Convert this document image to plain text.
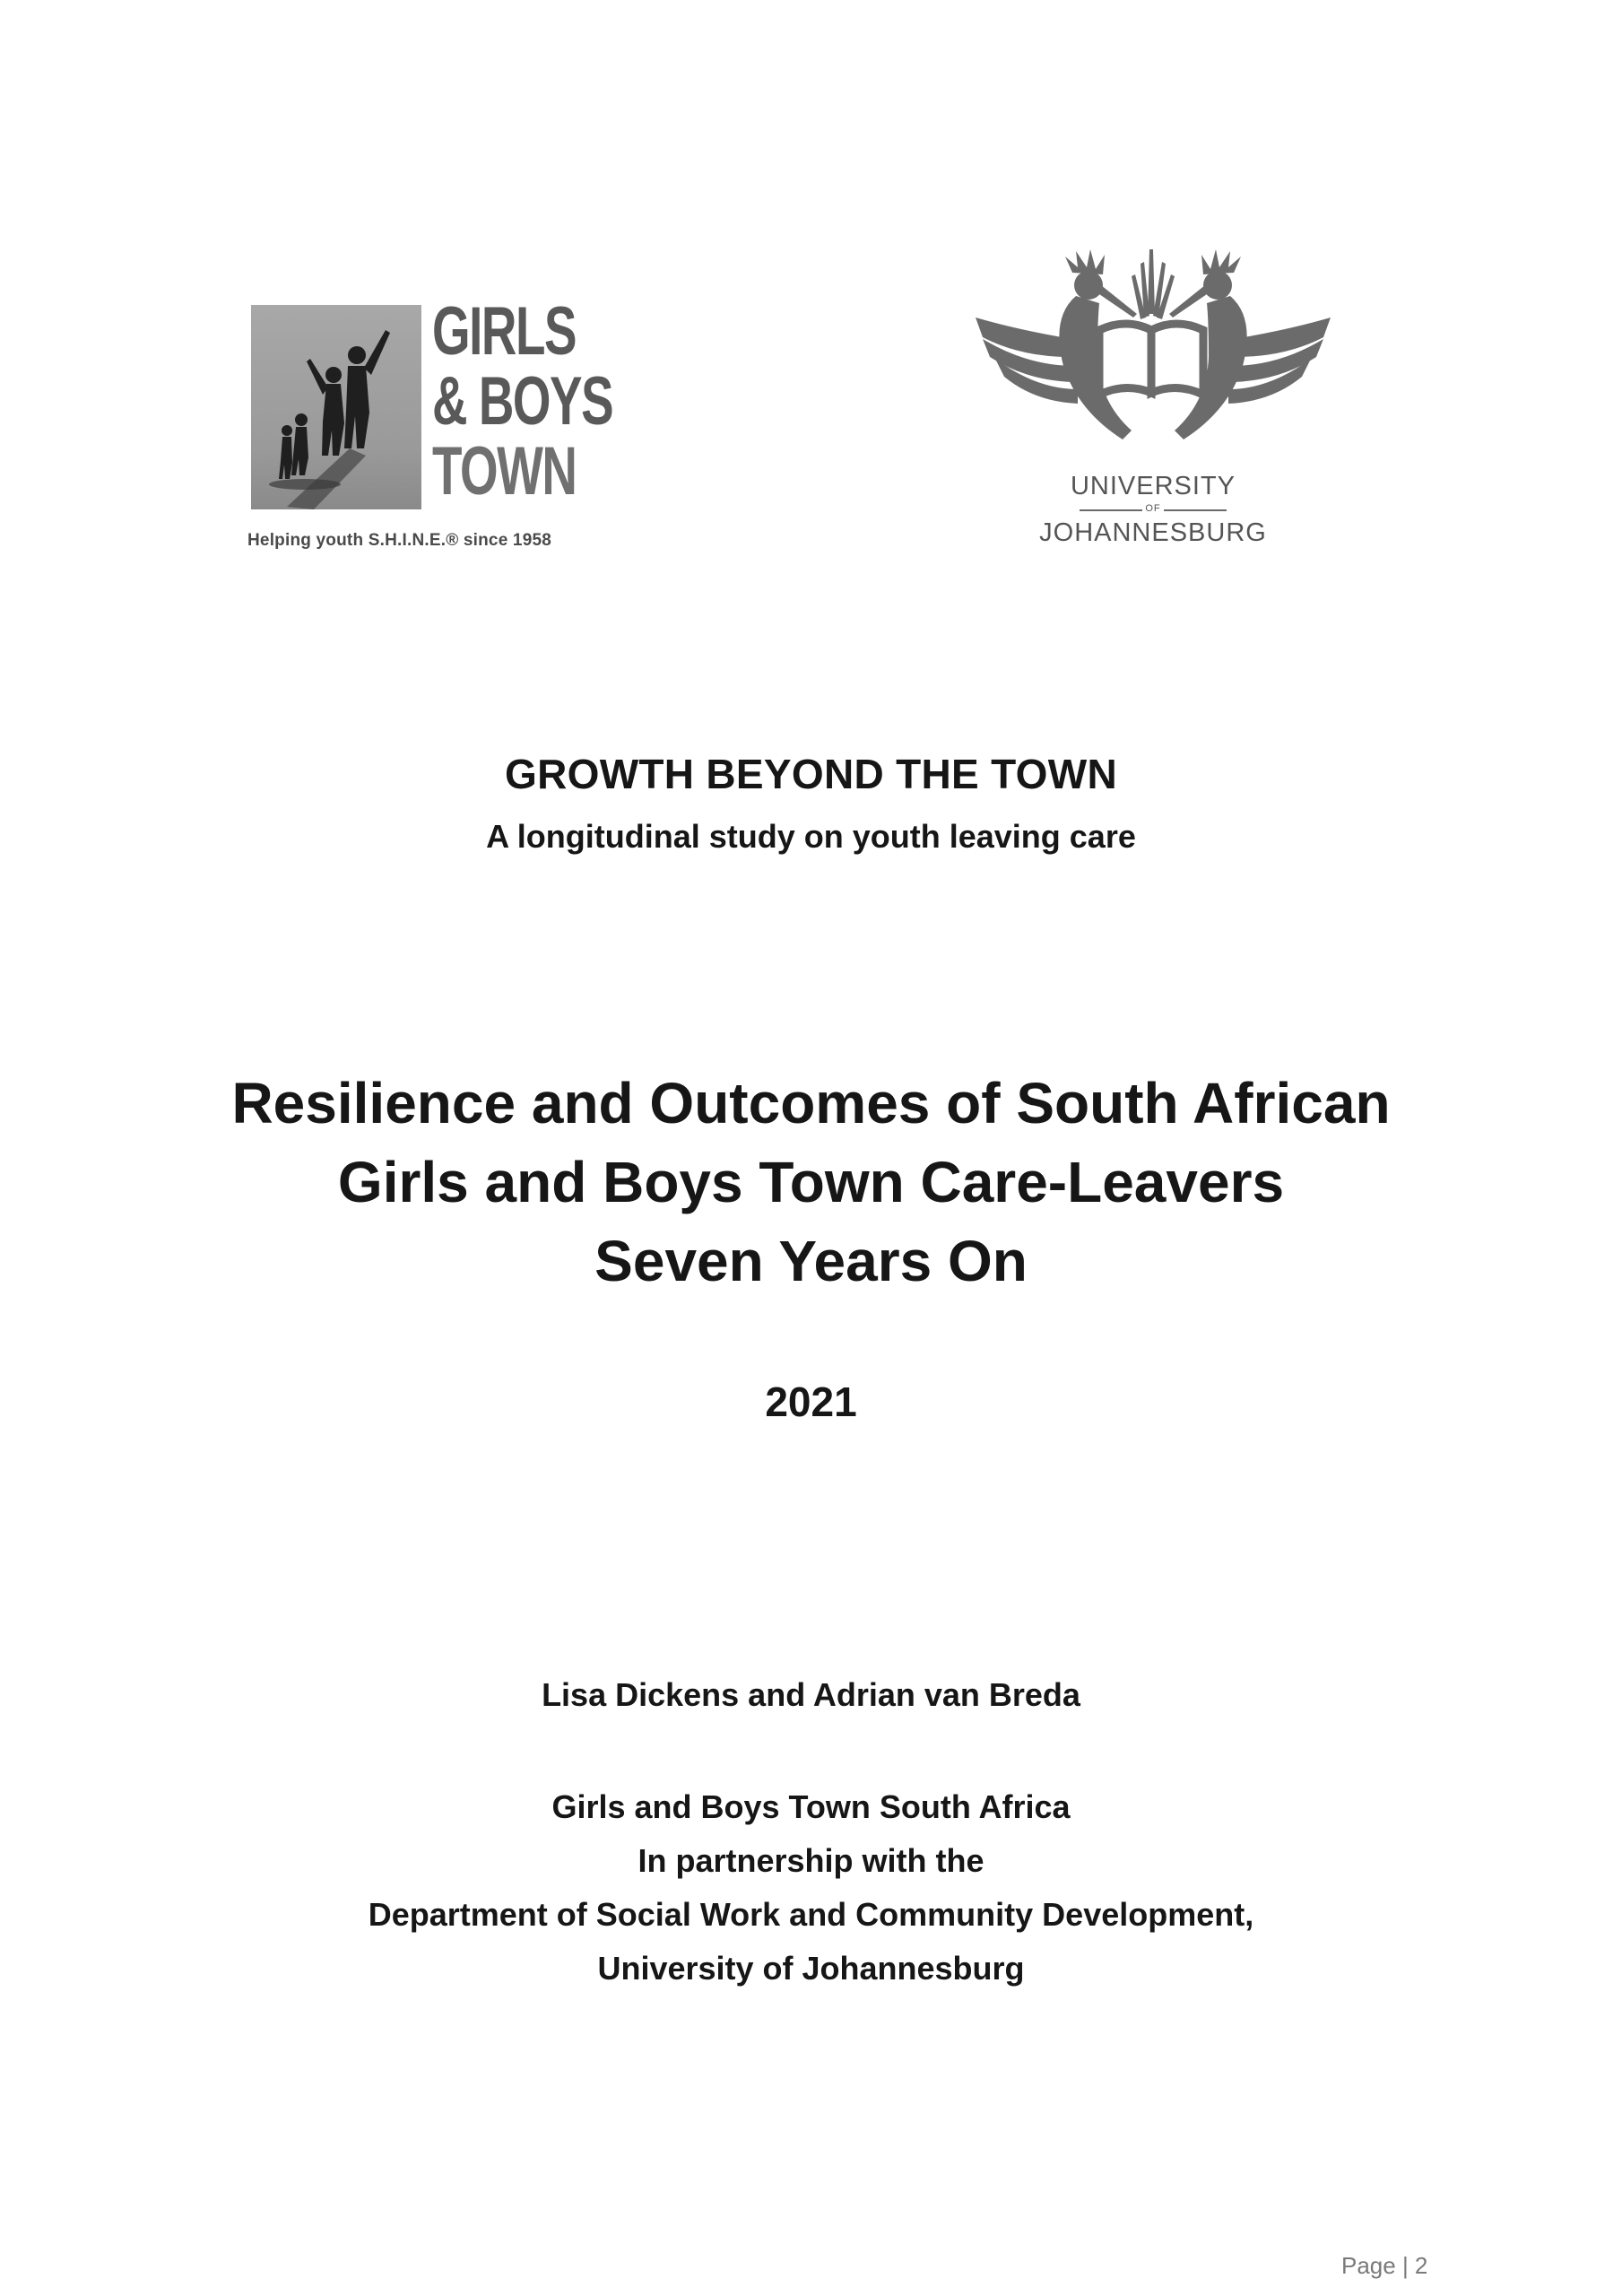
GIRLS
& BOYS
TOWN
Helping youth S.H.I.N.E.® since 1958
UNIVERSITY
OF
JOHANNESBURG
GROWTH BEYOND THE TOWN
A longitudinal study on youth leaving care
Resilience and Outcomes of South African
Girls and Boys Town Care-Leavers
Seven Years On
2021
Lisa Dickens and Adrian van Breda
Girls and Boys Town South Africa
In partnership with the
Department of Social Work and Community Development,
University of Johannesburg
Page | 2
